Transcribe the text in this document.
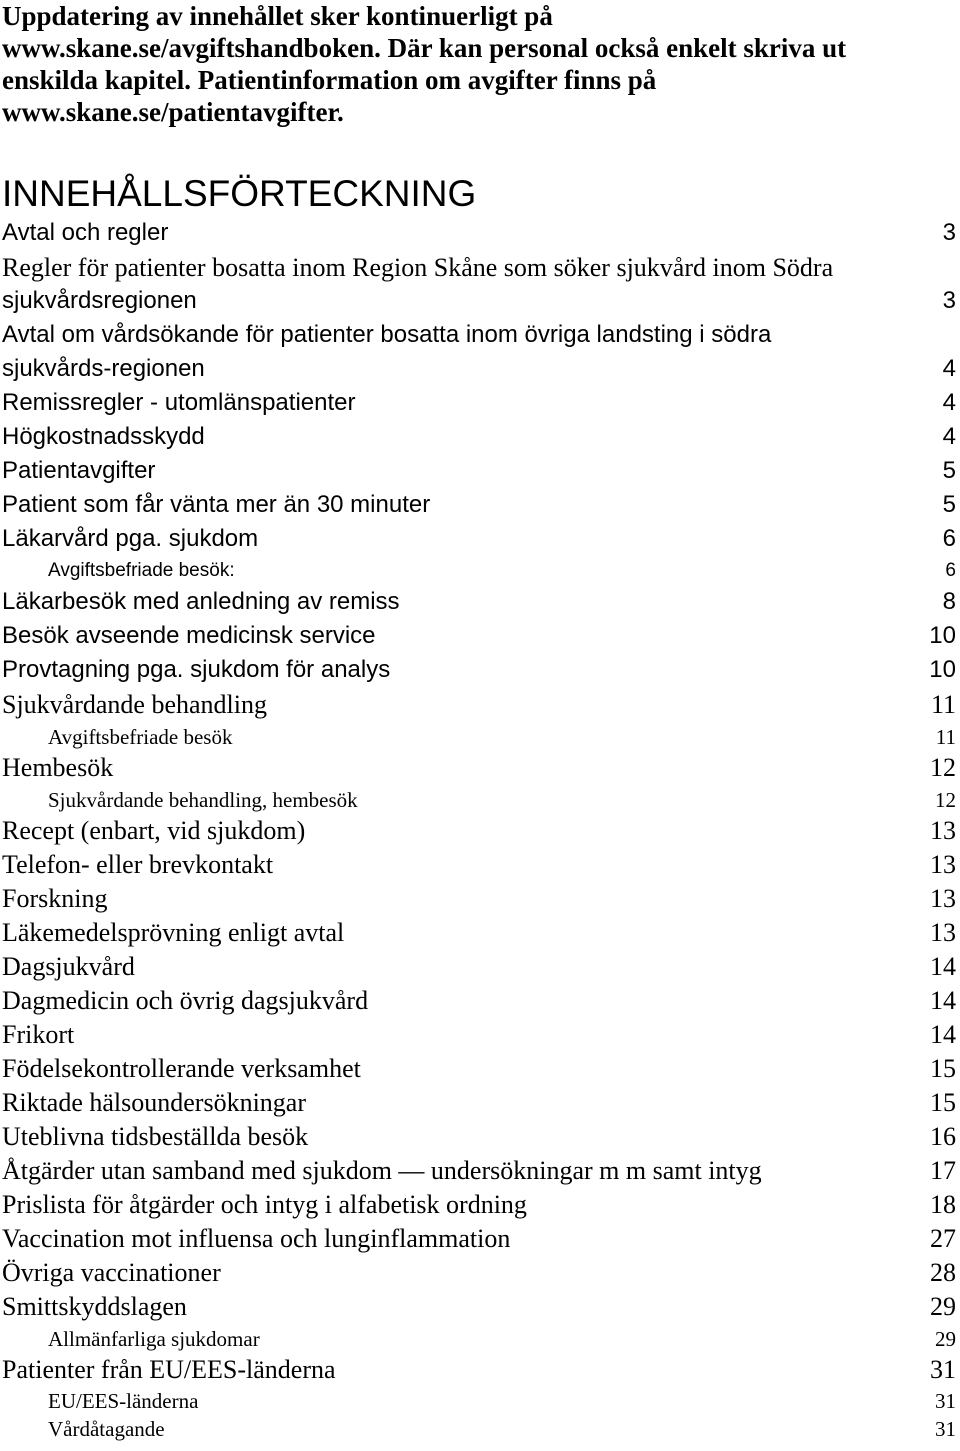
Uppdatering av innehållet sker kontinuerligt på
www.skane.se/avgiftshandboken. Där kan personal också enkelt skriva ut
enskilda kapitel. Patientinformation om avgifter finns på
www.skane.se/patientavgifter.
INNEHÅLLSFÖRTECKNING
Avtal och regler	3
Regler för patienter bosatta inom Region Skåne som söker sjukvård inom Södra
sjukvårdsregionen	3
Avtal om vårdsökande för patienter bosatta inom övriga landsting i södra
sjukvårds-regionen	4
Remissregler - utomlänspatienter	4
Högkostnadsskydd	4
Patientavgifter	5
Patient som får vänta mer än 30 minuter	5
Läkarvård pga. sjukdom	6
Avgiftsbefriade besök:	6
Läkarbesök med anledning av remiss	8
Besök avseende medicinsk service	10
Provtagning pga. sjukdom för analys	10
Sjukvårdande behandling	11
Avgiftsbefriade besök	11
Hembesök	12
Sjukvårdande behandling, hembesök	12
Recept (enbart, vid sjukdom)	13
Telefon- eller brevkontakt	13
Forskning	13
Läkemedelsprövning enligt avtal	13
Dagsjukvård	14
Dagmedicin och övrig dagsjukvård	14
Frikort	14
Födelsekontrollerande verksamhet	15
Riktade hälsoundersökningar	15
Uteblivna tidsbeställda besök	16
Åtgärder utan samband med sjukdom — undersökningar m m samt intyg	17
Prislista för åtgärder och intyg i alfabetisk ordning	18
Vaccination mot influensa och lunginflammation	27
Övriga vaccinationer	28
Smittskyddslagen	29
Allmänfarliga sjukdomar	29
Patienter från EU/EES-länderna	31
EU/EES-länderna	31
Vårdåtagande	31
